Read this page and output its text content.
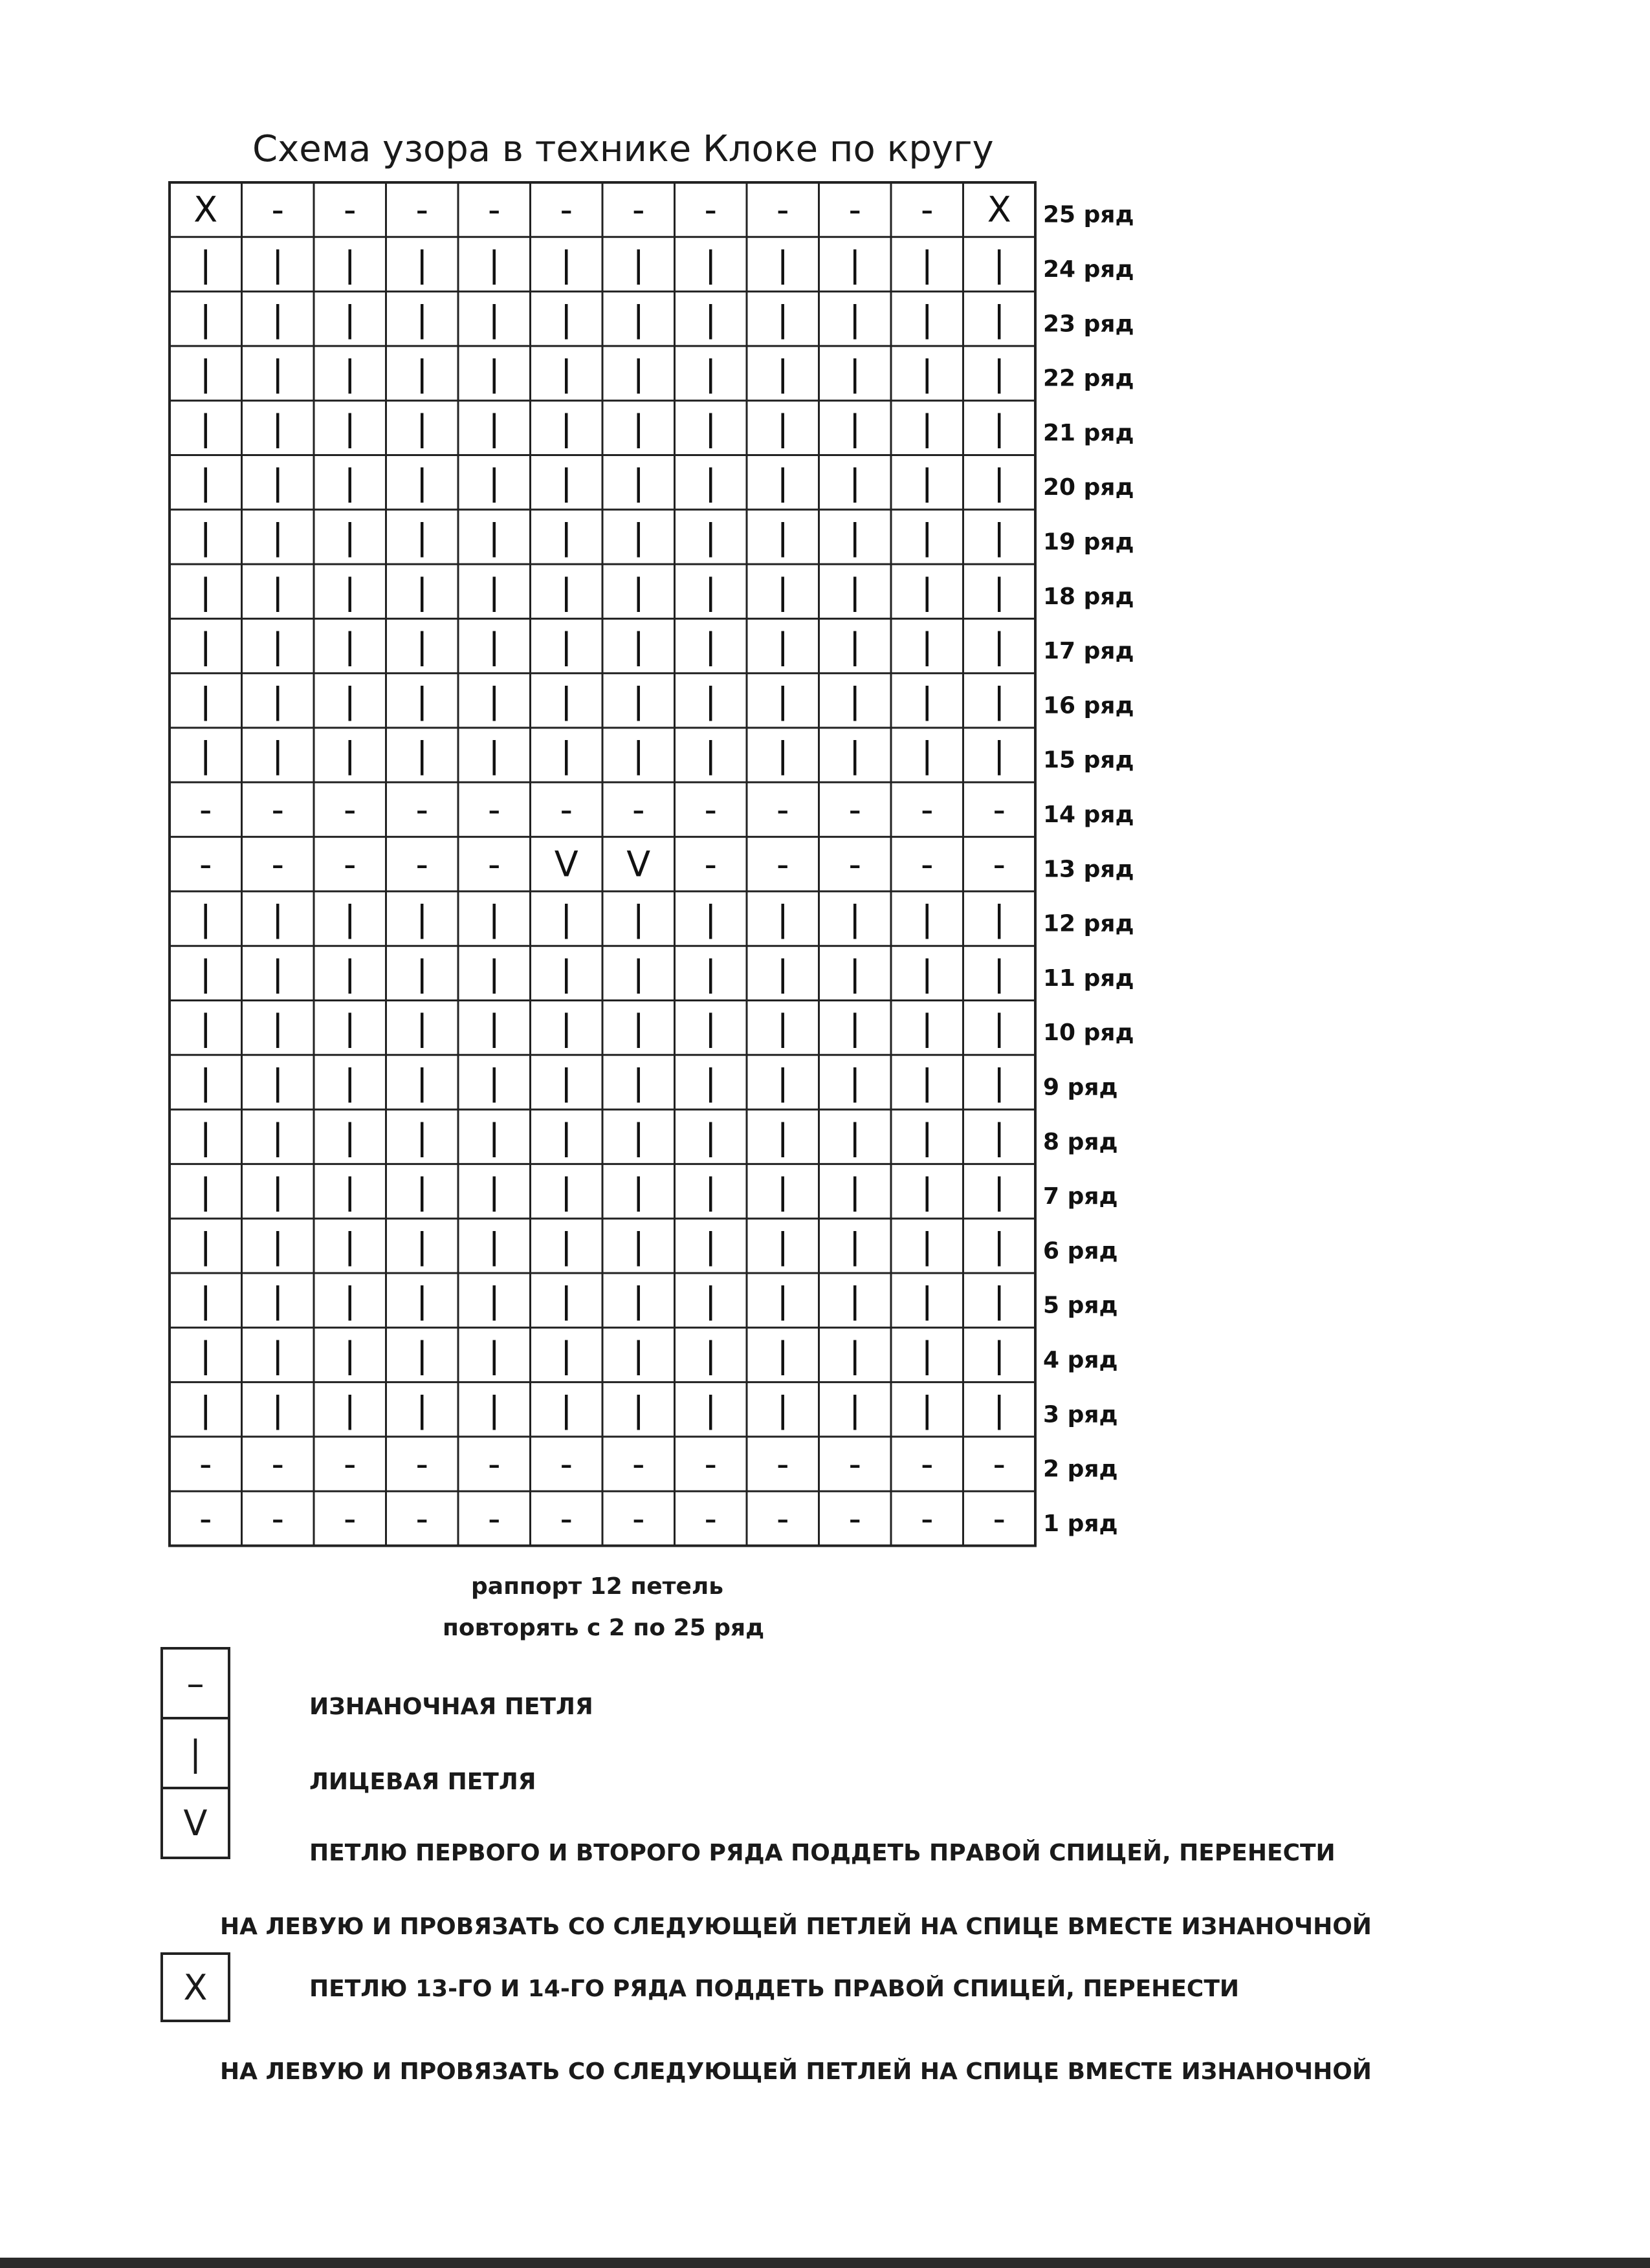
Схема узора в технике Клоке по кругу
X - - - - - - - - - - X 25 ряд
| | | | | | | | | | | | 24 ряд
| | | | | | | | | | | | 23 ряд
| | | | | | | | | | | | 22 ряд
| | | | | | | | | | | | 21 ряд
| | | | | | | | | | | | 20 ряд
| | | | | | | | | | | | 19 ряд
| | | | | | | | | | | | 18 ряд
| | | | | | | | | | | | 17 ряд
| | | | | | | | | | | | 16 ряд
| | | | | | | | | | | | 15 ряд
- - - - - - - - - - - - 14 ряд
- - - - - V V - - - - - 13 ряд
| | | | | | | | | | | | 12 ряд
| | | | | | | | | | | | 11 ряд
| | | | | | | | | | | | 10 ряд
| | | | | | | | | | | | 9 ряд
| | | | | | | | | | | | 8 ряд
| | | | | | | | | | | | 7 ряд
| | | | | | | | | | | | 6 ряд
| | | | | | | | | | | | 5 ряд
| | | | | | | | | | | | 4 ряд
| | | | | | | | | | | | 3 ряд
- - - - - - - - - - - - 2 ряд
- - - - - - - - - - - - 1 ряд
раппорт 12 петель
повторять с 2 по 25 ряд
–
|
V
ИЗНАНОЧНАЯ ПЕТЛЯ
ЛИЦЕВАЯ ПЕТЛЯ
ПЕТЛЮ ПЕРВОГО И ВТОРОГО РЯДА ПОДДЕТЬ ПРАВОЙ СПИЦЕЙ, ПЕРЕНЕСТИ
НА ЛЕВУЮ И ПРОВЯЗАТЬ СО СЛЕДУЮЩЕЙ ПЕТЛЕЙ НА СПИЦЕ ВМЕСТЕ ИЗНАНОЧНОЙ
X	ПЕТЛЮ 13-ГО И 14-ГО РЯДА ПОДДЕТЬ ПРАВОЙ СПИЦЕЙ, ПЕРЕНЕСТИ
НА ЛЕВУЮ И ПРОВЯЗАТЬ СО СЛЕДУЮЩЕЙ ПЕТЛЕЙ НА СПИЦЕ ВМЕСТЕ ИЗНАНОЧНОЙ
